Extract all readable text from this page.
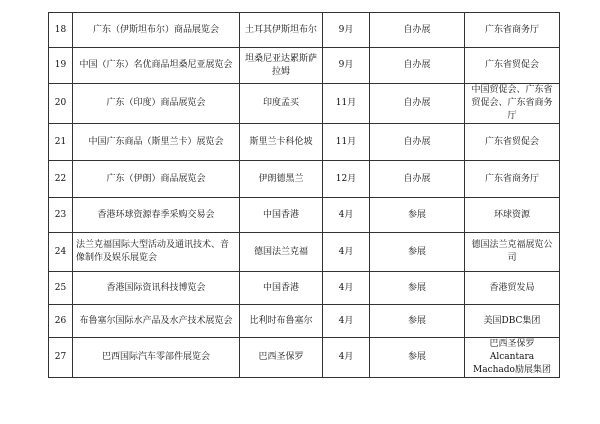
18	广东（伊斯坦布尔）商品展览会	土耳其伊斯坦布尔	9月	自办展	广东省商务厅
19	中国（广东）名优商品坦桑尼亚展览会	坦桑尼亚达累斯萨拉姆	9月	自办展	广东省贸促会
20	广东（印度）商品展览会	印度孟买	11月	自办展	中国贸促会、广东省贸促会、广东省商务厅
21	中国广东商品（斯里兰卡）展览会	斯里兰卡科伦坡	11月	自办展	广东省贸促会
22	广东（伊朗）商品展览会	伊朗德黑兰	12月	自办展	广东省商务厅
23	香港环球资源春季采购交易会	中国香港	4月	参展	环球资源
24	法兰克福国际大型活动及通讯技术、音像制作及娱乐展览会	德国法兰克福	4月	参展	德国法兰克福展览公司
25	香港国际资讯科技博览会	中国香港	4月	参展	香港贸发局
26	布鲁塞尔国际水产品及水产技术展览会	比利时布鲁塞尔	4月	参展	美国DBC集团
27	巴西国际汽车零部件展览会	巴西圣保罗	4月	参展	巴西圣保罗Alcantara Machado励展集团
